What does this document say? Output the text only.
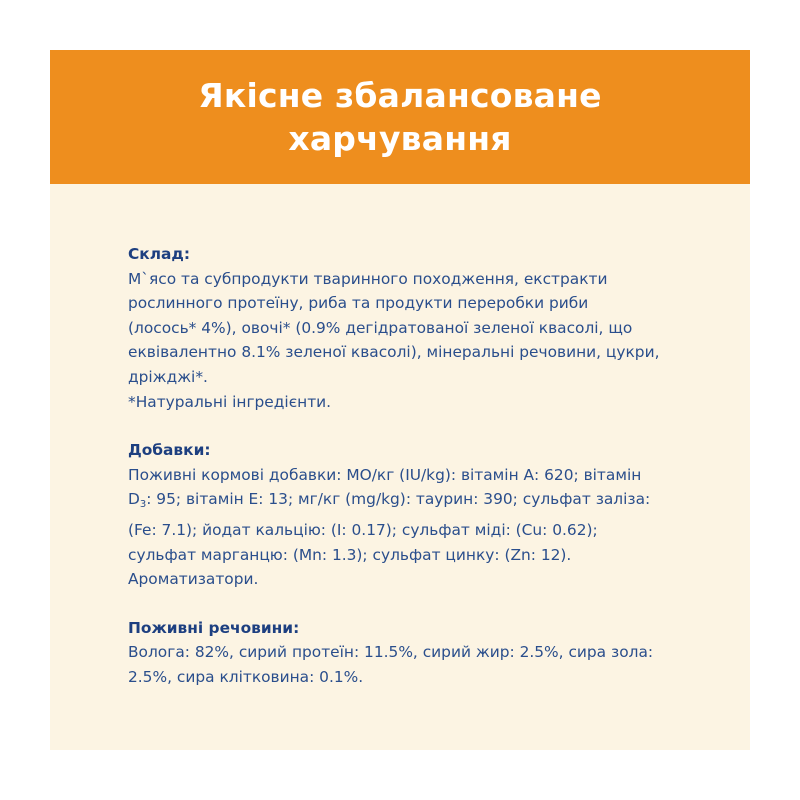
Якісне збалансоване
харчування

Склад:

М`ясо та субпродукти тваринного походження, екстракти

рослинного протеїну, риба та продукти переробки риби

(лосось* 4%), овочі* (0.9% дегідратованої зеленої квасолі, що

еквівалентно 8.1% зеленої квасолі), мінеральні речовини, цукри,

дріжджі*.

*Натуральні інгредієнти.

Добавки:

Поживні кормові добавки: МО/кг (IU/kg): вітамін А: 620; вітамін

D3: 95; вітамін Е: 13; мг/кг (mg/kg): таурин: 390; сульфат заліза:

(Fe: 7.1); йодат кальцію: (I: 0.17); сульфат міді: (Cu: 0.62);

сульфат марганцю: (Mn: 1.3); сульфат цинку: (Zn: 12).

Ароматизатори.

Поживні речовини:

Волога: 82%, сирий протеїн: 11.5%, сирий жир: 2.5%, сира зола:

2.5%, сира клітковина: 0.1%.
